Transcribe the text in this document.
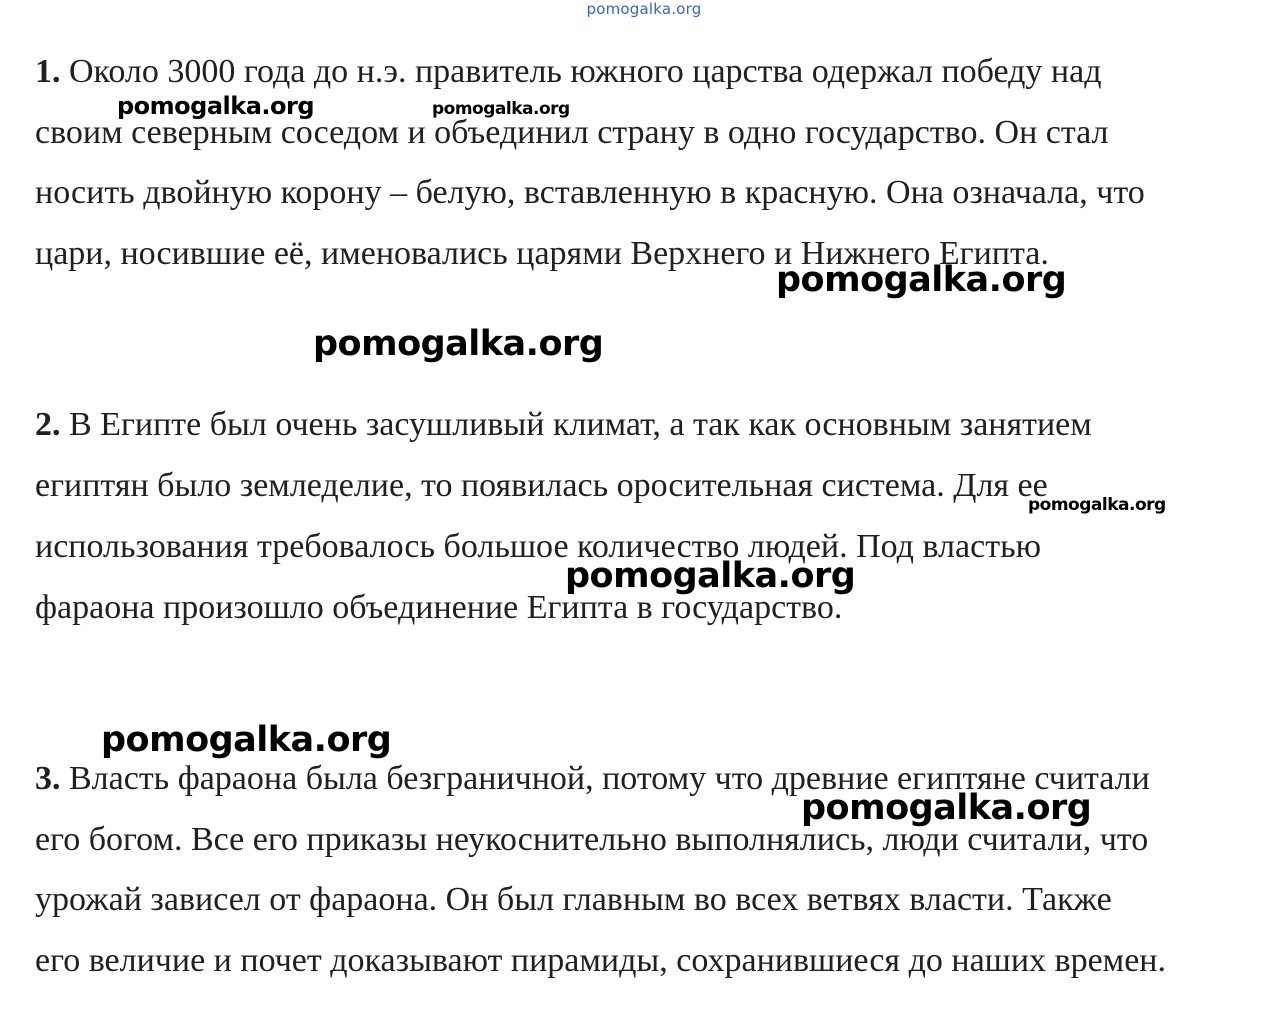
pomogalka.org
1. Около 3000 года до н.э. правитель южного царства одержал победу над
своим северным соседом и объединил страну в одно государство. Он стал
носить двойную корону – белую, вставленную в красную. Она означала, что
цари, носившие её, именовались царями Верхнего и Нижнего Египта.
2. В Египте был очень засушливый климат, а так как основным занятием
египтян было земледелие, то появилась оросительная система. Для ее
использования требовалось большое количество людей. Под властью
фараона произошло объединение Египта в государство.
3. Власть фараона была безграничной, потому что древние египтяне считали
его богом. Все его приказы неукоснительно выполнялись, люди считали, что
урожай зависел от фараона. Он был главным во всех ветвях власти. Также
его величие и почет доказывают пирамиды, сохранившиеся до наших времен.
pomogalka.org	pomogalka.org
pomogalka.org
pomogalka.org
pomogalka.org
pomogalka.org
pomogalka.org
pomogalka.org
